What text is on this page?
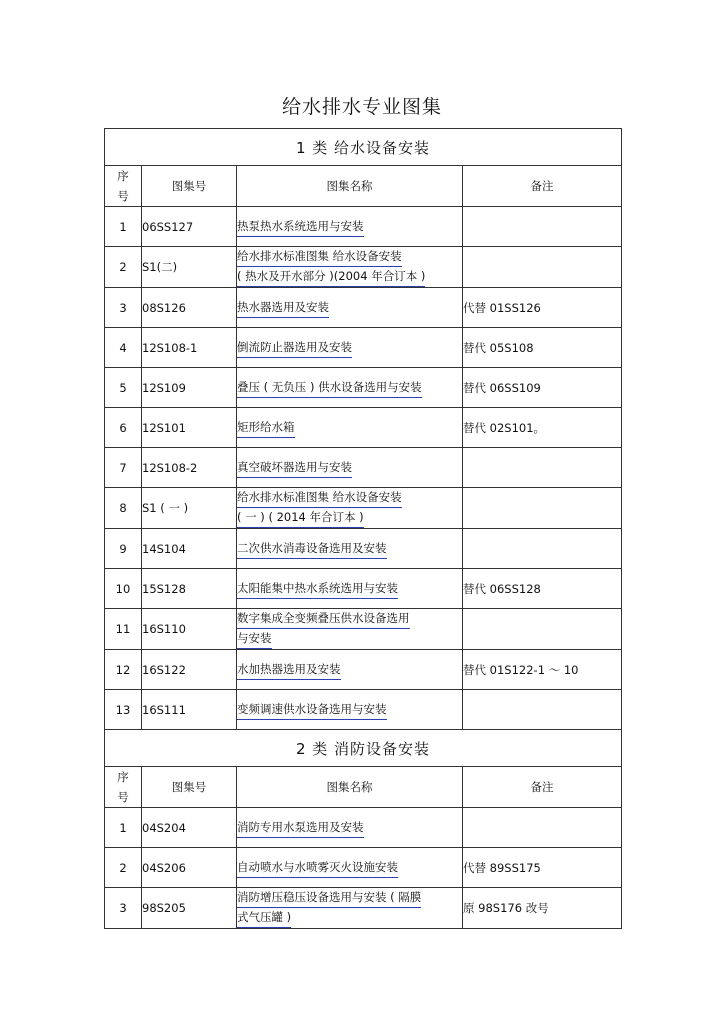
给水排水专业图集
1 类 给水设备安装			
序
号	图集号	图集名称	备注
1	06SS127	热泵热水系统选用与安装	
2	S1(二)	给水排水标准图集 给水设备安装
( 热水及开水部分 )(2004 年合订本 )	
3	08S126	热水器选用及安装	代替 01SS126
4	12S108-1	倒流防止器选用及安装	替代 05S108
5	12S109	叠压 ( 无负压 ) 供水设备选用与安装	替代 06SS109
6	12S101	矩形给水箱	替代 02S101。
7	12S108-2	真空破坏器选用与安装	
8	S1 ( 一 )	给水排水标准图集 给水设备安装
( 一 ) ( 2014 年合订本 )	
9	14S104	二次供水消毒设备选用及安装	
10	15S128	太阳能集中热水系统选用与安装	替代 06SS128
11	16S110	数字集成全变频叠压供水设备选用
与安装	
12	16S122	水加热器选用及安装	替代 01S122-1 ～ 10
13	16S111	变频调速供水设备选用与安装	
2 类 消防设备安装			
序
号	图集号	图集名称	备注
1	04S204	消防专用水泵选用及安装	
2	04S206	自动喷水与水喷雾灭火设施安装	代替 89SS175
3	98S205	消防增压稳压设备选用与安装 ( 隔膜
式气压罐 )	原 98S176 改号
